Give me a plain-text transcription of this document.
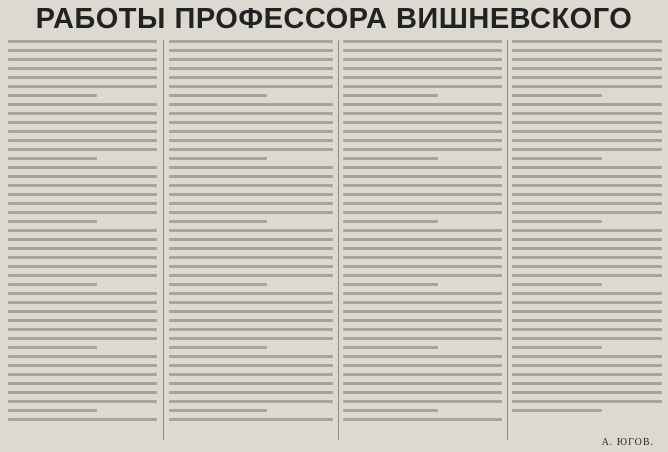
РАБОТЫ ПРОФЕССОРА ВИШНЕВСКОГО
А. ЮГОВ.
